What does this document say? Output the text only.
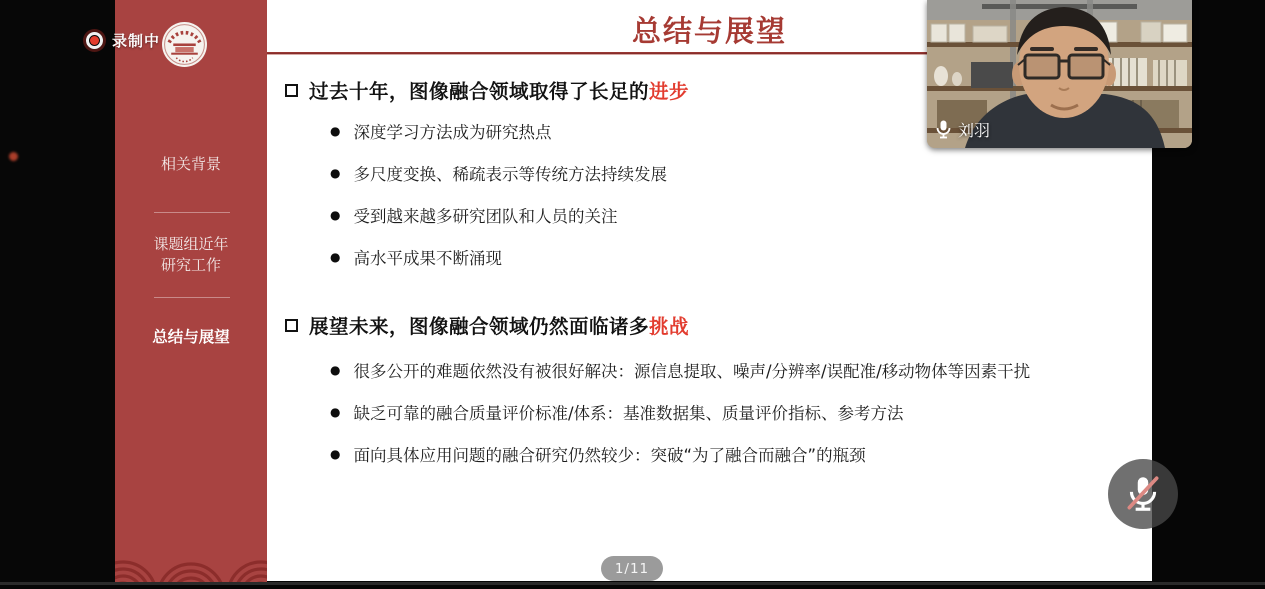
录制中
相关背景
课题组近年
研究工作
总结与展望
总结与展望
过去十年，图像融合领域取得了长足的 进步
● 深度学习方法成为研究热点
● 多尺度变换、稀疏表示等传统方法持续发展
● 受到越来越多研究团队和人员的关注
● 高水平成果不断涌现
展望未来，图像融合领域仍然面临诸多 挑战
● 很多公开的难题依然没有被很好解决：源信息提取、噪声/分辨率/误配准/移动物体等因素干扰
● 缺乏可靠的融合质量评价标准/体系：基准数据集、质量评价指标、参考方法
● 面向具体应用问题的融合研究仍然较少：突破“为了融合而融合”的瓶颈
1/11
刘羽
